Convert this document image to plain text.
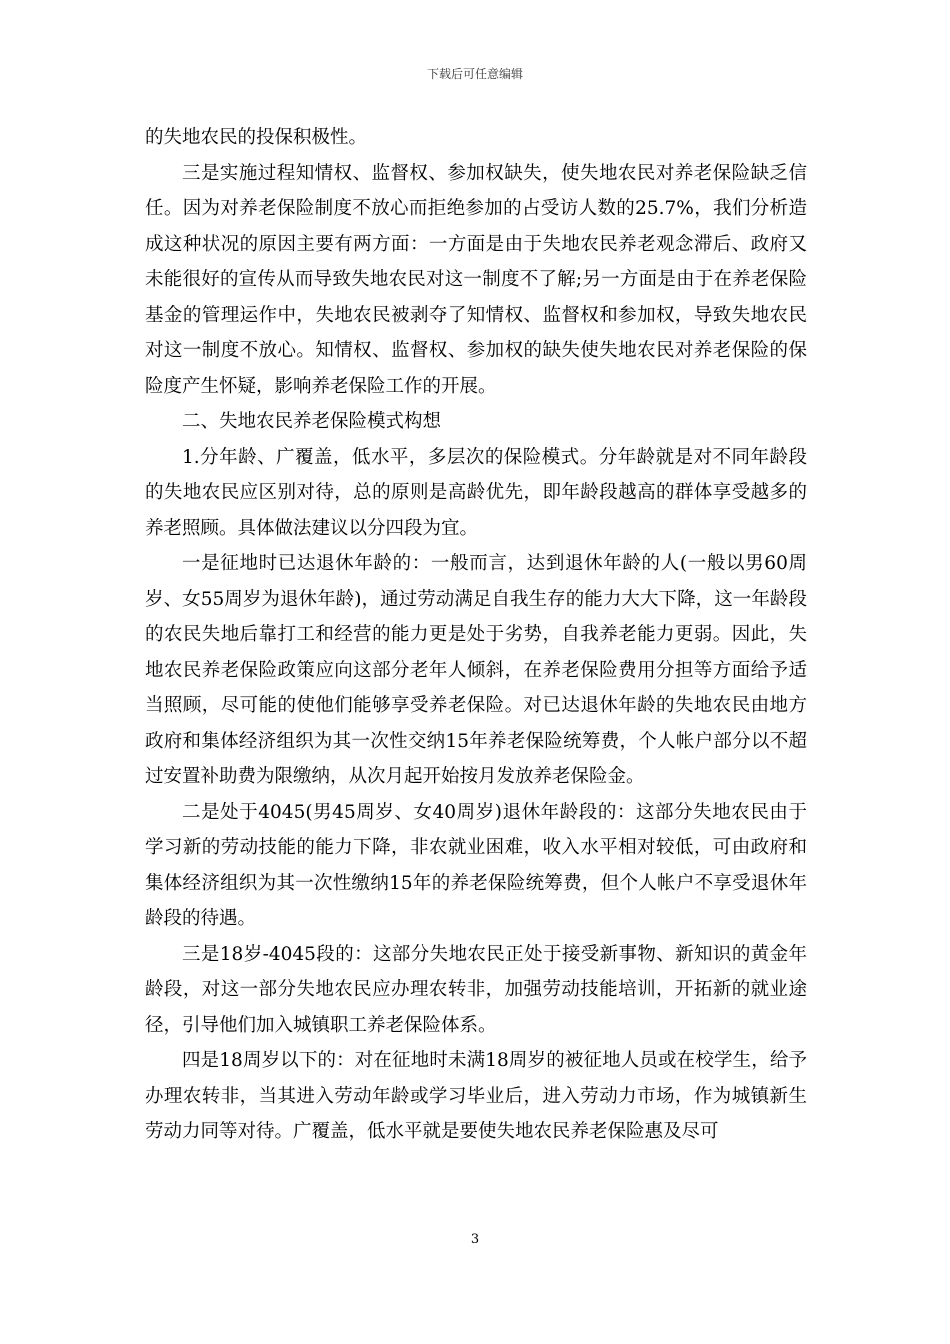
下载后可任意编辑

的失地农民的投保积极性。

三是实施过程知情权、监督权、参加权缺失，使失地农民对养老保险缺乏信任。因为对养老保险制度不放心而拒绝参加的占受访人数的25.7%，我们分析造成这种状况的原因主要有两方面：一方面是由于失地农民养老观念滞后、政府又未能很好的宣传从而导致失地农民对这一制度不了解;另一方面是由于在养老保险基金的管理运作中，失地农民被剥夺了知情权、监督权和参加权，导致失地农民对这一制度不放心。知情权、监督权、参加权的缺失使失地农民对养老保险的保险度产生怀疑，影响养老保险工作的开展。

二、失地农民养老保险模式构想

1.分年龄、广覆盖，低水平，多层次的保险模式。分年龄就是对不同年龄段的失地农民应区别对待，总的原则是高龄优先，即年龄段越高的群体享受越多的养老照顾。具体做法建议以分四段为宜。

一是征地时已达退休年龄的：一般而言，达到退休年龄的人(一般以男60周岁、女55周岁为退休年龄)，通过劳动满足自我生存的能力大大下降，这一年龄段的农民失地后靠打工和经营的能力更是处于劣势，自我养老能力更弱。因此，失地农民养老保险政策应向这部分老年人倾斜，在养老保险费用分担等方面给予适当照顾，尽可能的使他们能够享受养老保险。对已达退休年龄的失地农民由地方政府和集体经济组织为其一次性交纳15年养老保险统筹费，个人帐户部分以不超过安置补助费为限缴纳，从次月起开始按月发放养老保险金。

二是处于4045(男45周岁、女40周岁)退休年龄段的：这部分失地农民由于学习新的劳动技能的能力下降，非农就业困难，收入水平相对较低，可由政府和集体经济组织为其一次性缴纳15年的养老保险统筹费，但个人帐户不享受退休年龄段的待遇。

三是18岁-4045段的：这部分失地农民正处于接受新事物、新知识的黄金年龄段，对这一部分失地农民应办理农转非，加强劳动技能培训，开拓新的就业途径，引导他们加入城镇职工养老保险体系。

四是18周岁以下的：对在征地时未满18周岁的被征地人员或在校学生，给予办理农转非，当其进入劳动年龄或学习毕业后，进入劳动力市场，作为城镇新生劳动力同等对待。广覆盖，低水平就是要使失地农民养老保险惠及尽可

3
